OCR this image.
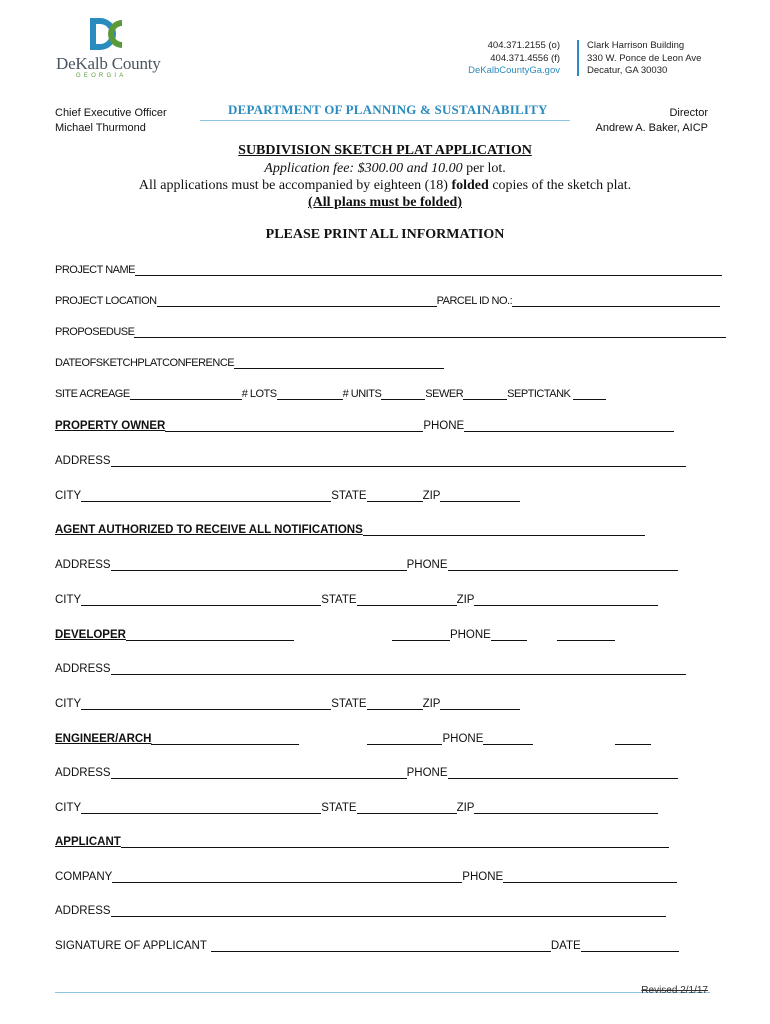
DeKalb County
GEORGIA
404.371.2155 (o)
404.371.4556 (f)
DeKalbCountyGa.gov
Clark Harrison Building
330 W. Ponce de Leon Ave
Decatur, GA 30030
Chief Executive Officer
Michael Thurmond
DEPARTMENT OF PLANNING & SUSTAINABILITY	Director
Andrew A. Baker, AICP
SUBDIVISION SKETCH PLAT APPLICATION
Application fee: $300.00 and 10.00 per lot.
All applications must be accompanied by eighteen (18) folded copies of the sketch plat.
(All plans must be folded)
PLEASE PRINT ALL INFORMATION
PROJECT NAME
PROJECT LOCATION	PARCEL ID NO.:
PROPOSEDUSE
DATEOFSKETCHPLATCONFERENCE
SITE ACREAGE	# LOTS	# UNITS	SEWER	SEPTICTANK
PROPERTY OWNER	PHONE
ADDRESS
CITY	STATE	ZIP
AGENT AUTHORIZED TO RECEIVE ALL NOTIFICATIONS
ADDRESS	PHONE
CITY	STATE	ZIP
DEVELOPER	PHONE
ADDRESS
CITY	STATE	ZIP
ENGINEER/ARCH	PHONE
ADDRESS	PHONE
CITY	STATE	ZIP
APPLICANT
COMPANY	PHONE
ADDRESS
SIGNATURE OF APPLICANT	DATE
Revised 2/1/17
